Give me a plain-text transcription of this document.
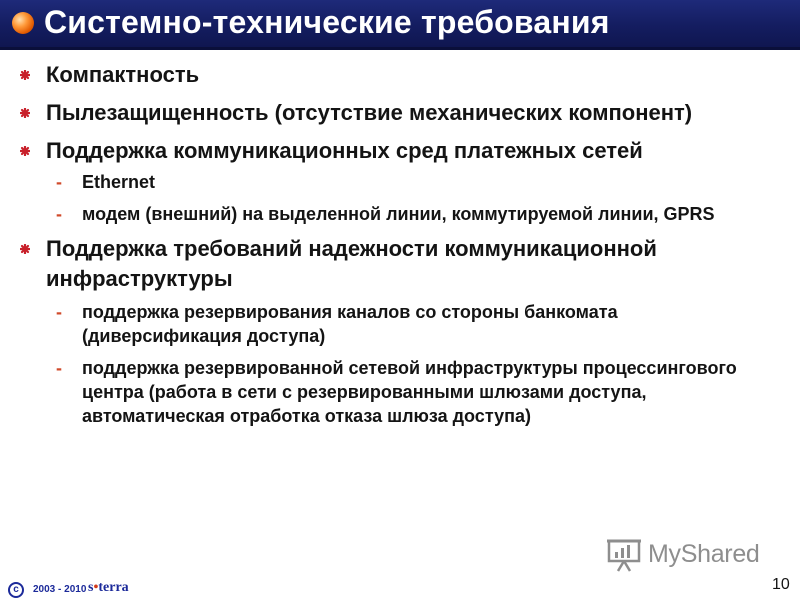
Системно-технические требования
Компактность
Пылезащищенность (отсутствие механических компонент)
Поддержка коммуникационных сред платежных сетей
- Ethernet
- модем (внешний) на выделенной линии, коммутируемой линии, GPRS
Поддержка требований надежности коммуникационной инфраструктуры
- поддержка резервирования каналов со стороны банкомата (диверсификация доступа)
- поддержка резервированной сетевой инфраструктуры процессингового центра (работа в сети с резервированными шлюзами доступа, автоматическая отработка отказа шлюза доступа)
MyShared
c	2003 - 2010 s•terra	10
